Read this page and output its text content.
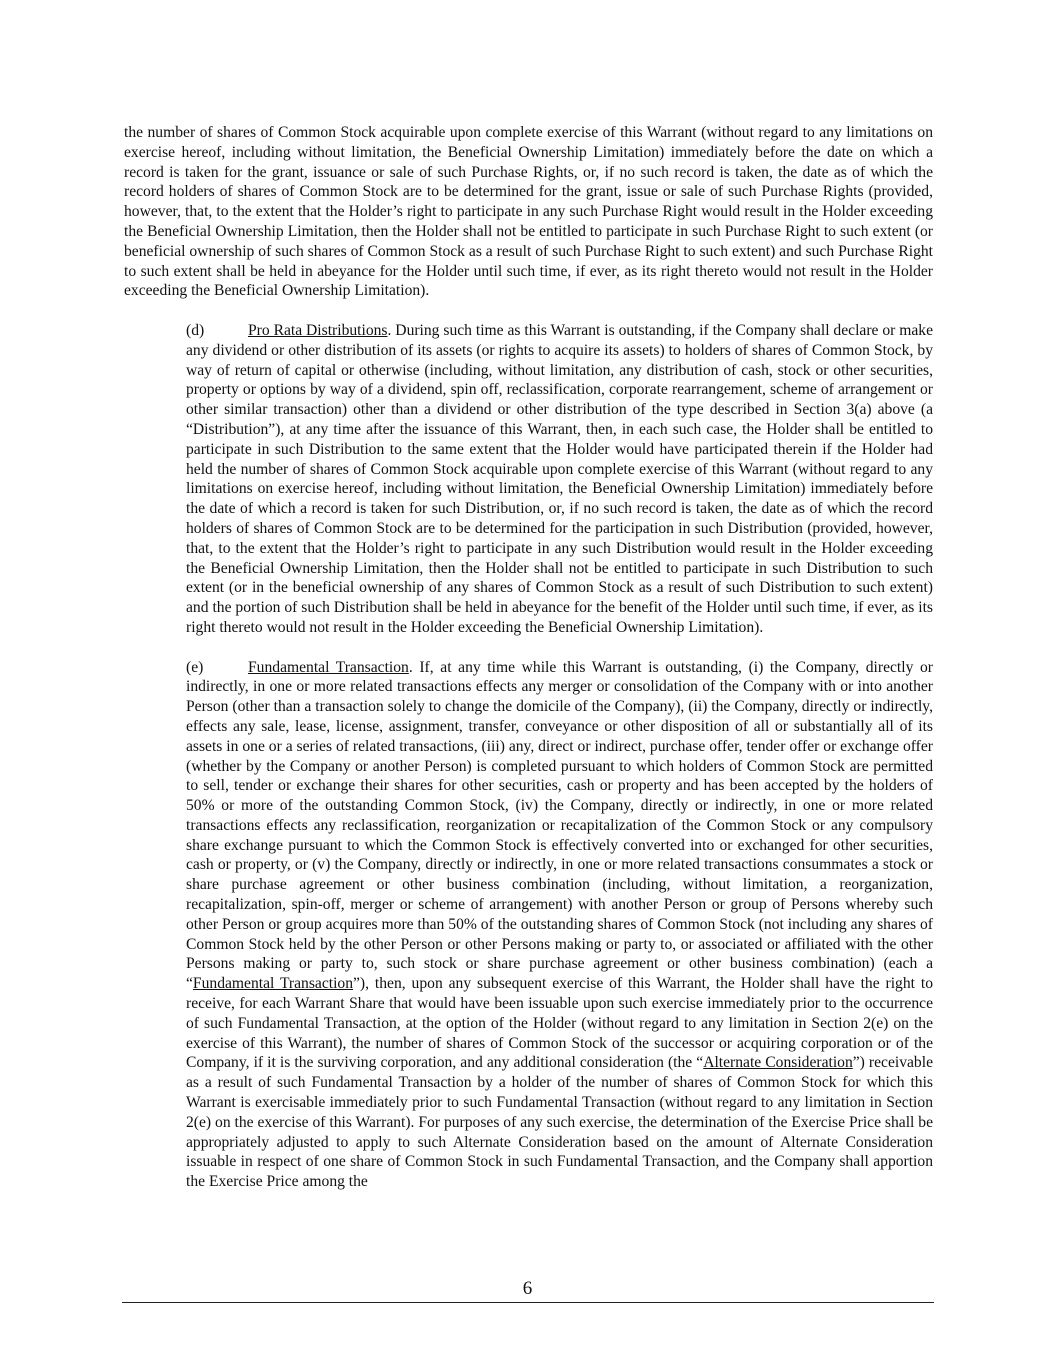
the number of shares of Common Stock acquirable upon complete exercise of this Warrant (without regard to any limitations on exercise hereof, including without limitation, the Beneficial Ownership Limitation) immediately before the date on which a record is taken for the grant, issuance or sale of such Purchase Rights, or, if no such record is taken, the date as of which the record holders of shares of Common Stock are to be determined for the grant, issue or sale of such Purchase Rights (provided, however, that, to the extent that the Holder’s right to participate in any such Purchase Right would result in the Holder exceeding the Beneficial Ownership Limitation, then the Holder shall not be entitled to participate in such Purchase Right to such extent (or beneficial ownership of such shares of Common Stock as a result of such Purchase Right to such extent) and such Purchase Right to such extent shall be held in abeyance for the Holder until such time, if ever, as its right thereto would not result in the Holder exceeding the Beneficial Ownership Limitation).

(d)	Pro Rata Distributions. During such time as this Warrant is outstanding, if the Company shall declare or make any dividend or other distribution of its assets (or rights to acquire its assets) to holders of shares of Common Stock, by way of return of capital or otherwise (including, without limitation, any distribution of cash, stock or other securities, property or options by way of a dividend, spin off, reclassification, corporate rearrangement, scheme of arrangement or other similar transaction) other than a dividend or other distribution of the type described in Section 3(a) above (a “Distribution”), at any time after the issuance of this Warrant, then, in each such case, the Holder shall be entitled to participate in such Distribution to the same extent that the Holder would have participated therein if the Holder had held the number of shares of Common Stock acquirable upon complete exercise of this Warrant (without regard to any limitations on exercise hereof, including without limitation, the Beneficial Ownership Limitation) immediately before the date of which a record is taken for such Distribution, or, if no such record is taken, the date as of which the record holders of shares of Common Stock are to be determined for the participation in such Distribution (provided, however, that, to the extent that the Holder’s right to participate in any such Distribution would result in the Holder exceeding the Beneficial Ownership Limitation, then the Holder shall not be entitled to participate in such Distribution to such extent (or in the beneficial ownership of any shares of Common Stock as a result of such Distribution to such extent) and the portion of such Distribution shall be held in abeyance for the benefit of the Holder until such time, if ever, as its right thereto would not result in the Holder exceeding the Beneficial Ownership Limitation).

(e)	Fundamental Transaction. If, at any time while this Warrant is outstanding, (i) the Company, directly or indirectly, in one or more related transactions effects any merger or consolidation of the Company with or into another Person (other than a transaction solely to change the domicile of the Company), (ii) the Company, directly or indirectly, effects any sale, lease, license, assignment, transfer, conveyance or other disposition of all or substantially all of its assets in one or a series of related transactions, (iii) any, direct or indirect, purchase offer, tender offer or exchange offer (whether by the Company or another Person) is completed pursuant to which holders of Common Stock are permitted to sell, tender or exchange their shares for other securities, cash or property and has been accepted by the holders of 50% or more of the outstanding Common Stock, (iv) the Company, directly or indirectly, in one or more related transactions effects any reclassification, reorganization or recapitalization of the Common Stock or any compulsory share exchange pursuant to which the Common Stock is effectively converted into or exchanged for other securities, cash or property, or (v) the Company, directly or indirectly, in one or more related transactions consummates a stock or share purchase agreement or other business combination (including, without limitation, a reorganization, recapitalization, spin-off, merger or scheme of arrangement) with another Person or group of Persons whereby such other Person or group acquires more than 50% of the outstanding shares of Common Stock (not including any shares of Common Stock held by the other Person or other Persons making or party to, or associated or affiliated with the other Persons making or party to, such stock or share purchase agreement or other business combination) (each a “Fundamental Transaction”), then, upon any subsequent exercise of this Warrant, the Holder shall have the right to receive, for each Warrant Share that would have been issuable upon such exercise immediately prior to the occurrence of such Fundamental Transaction, at the option of the Holder (without regard to any limitation in Section 2(e) on the exercise of this Warrant), the number of shares of Common Stock of the successor or acquiring corporation or of the Company, if it is the surviving corporation, and any additional consideration (the “Alternate Consideration”) receivable as a result of such Fundamental Transaction by a holder of the number of shares of Common Stock for which this Warrant is exercisable immediately prior to such Fundamental Transaction (without regard to any limitation in Section 2(e) on the exercise of this Warrant). For purposes of any such exercise, the determination of the Exercise Price shall be appropriately adjusted to apply to such Alternate Consideration based on the amount of Alternate Consideration issuable in respect of one share of Common Stock in such Fundamental Transaction, and the Company shall apportion the Exercise Price among the

6
